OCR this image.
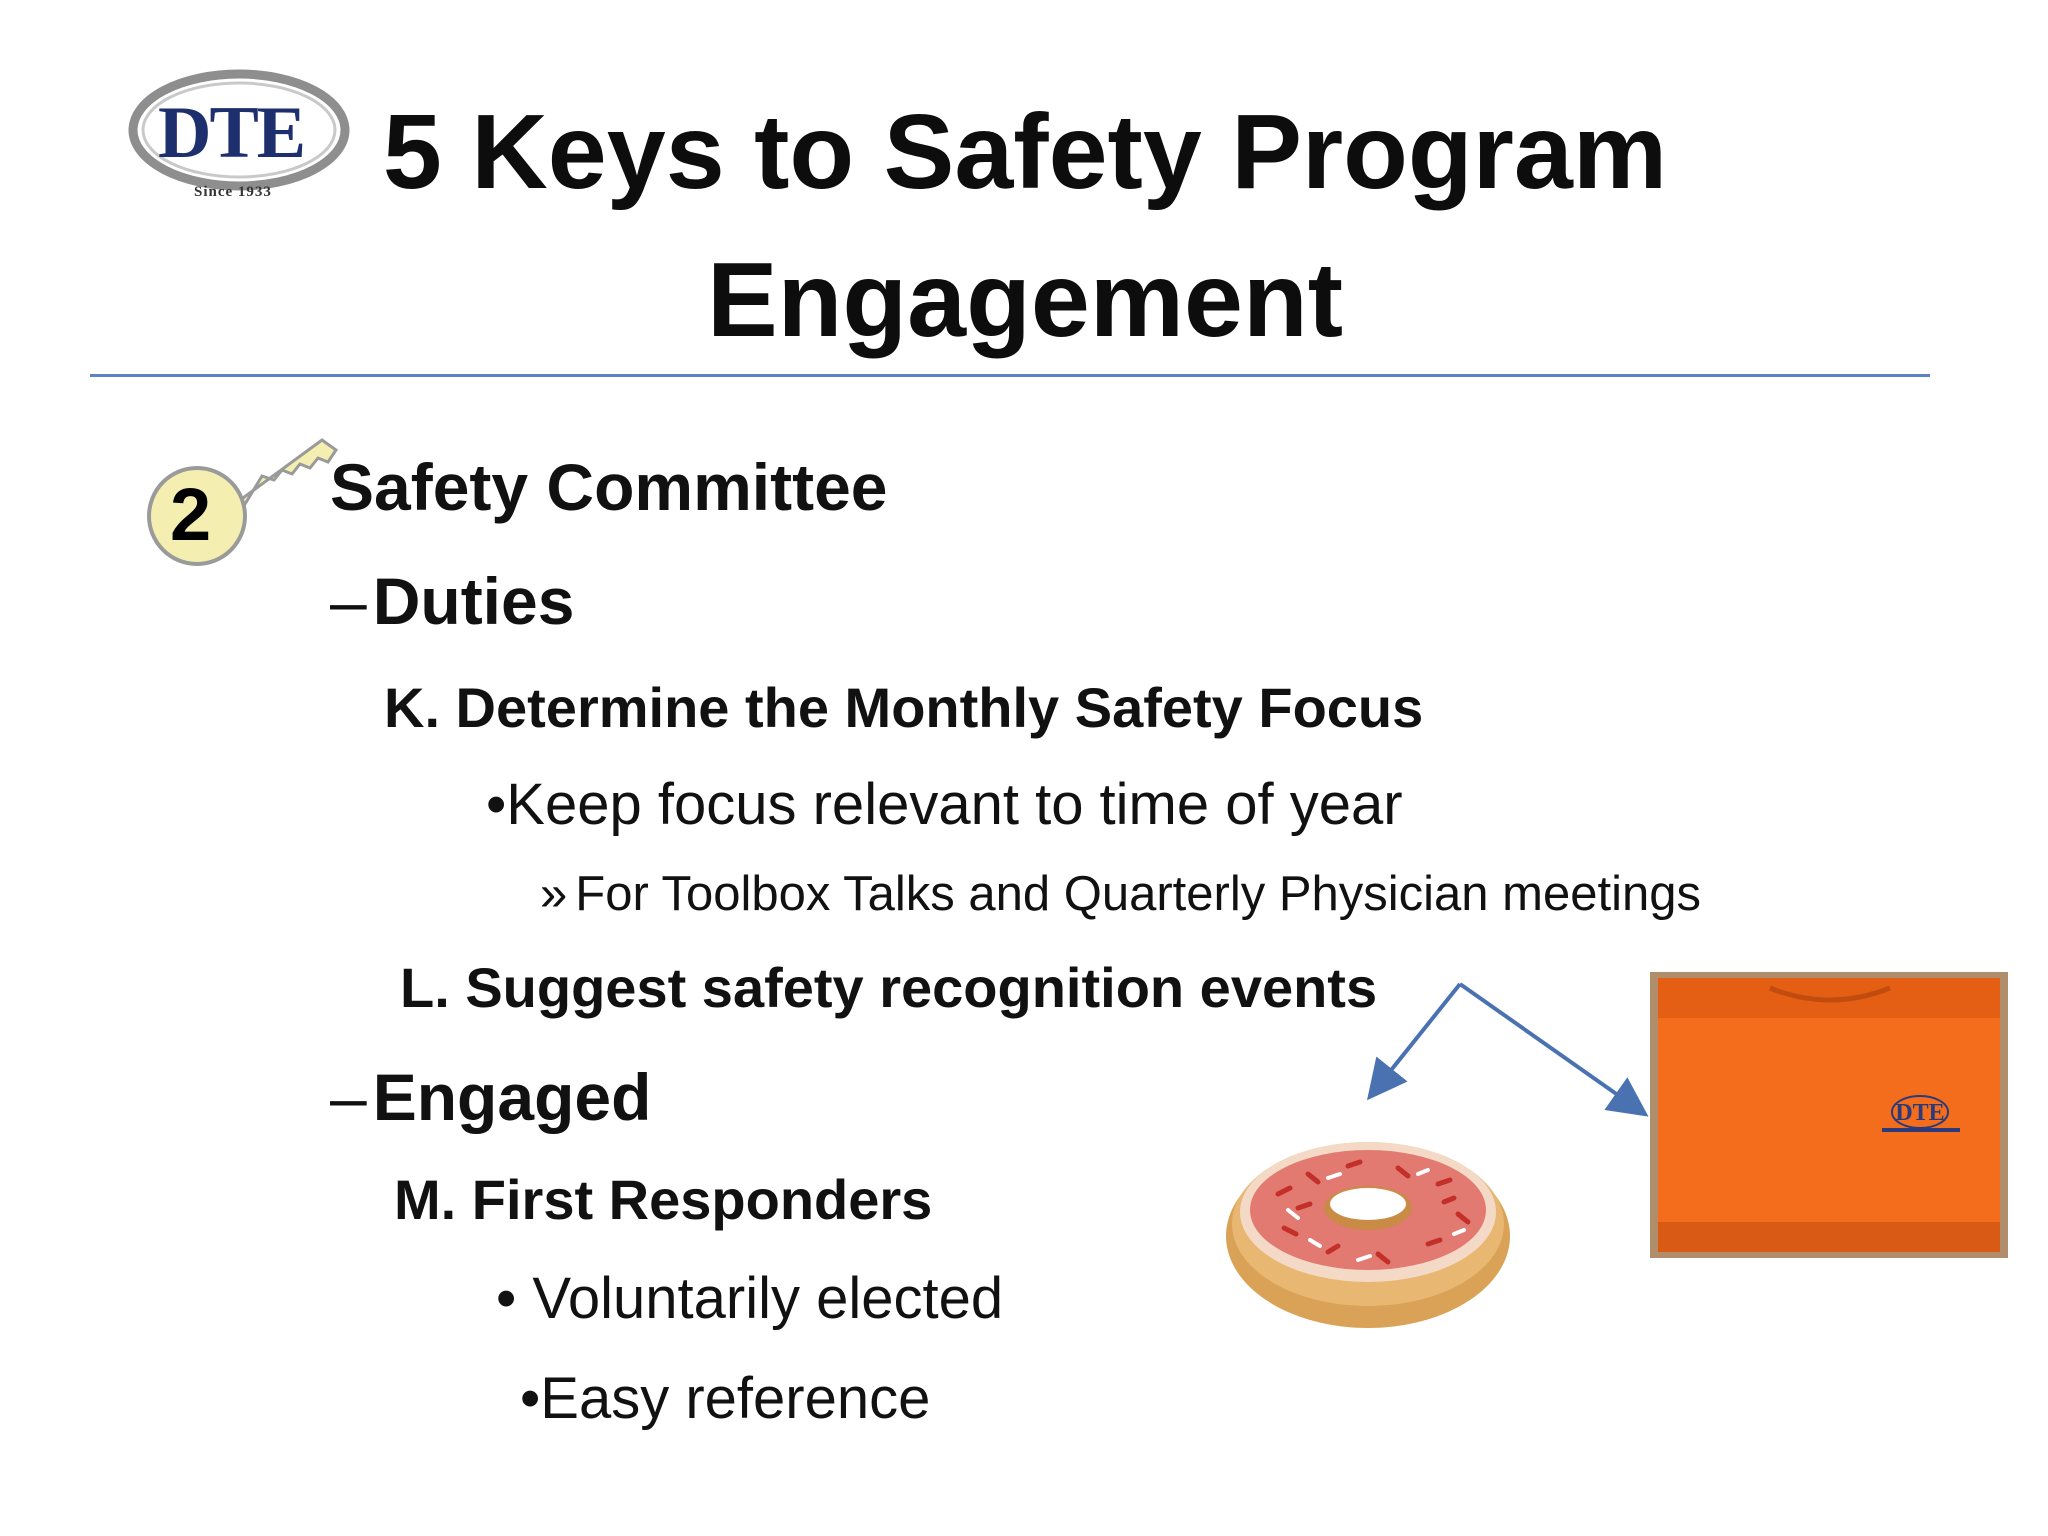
DTE
Since 1933	5 Keys to Safety Program Engagement
2 Safety Committee
–Duties
K. Determine the Monthly Safety Focus
•Keep focus relevant to time of year
» For Toolbox Talks and Quarterly Physician meetings
L. Suggest safety recognition events
–Engaged
M. First Responders
• Voluntarily elected
•Easy reference
DTE
